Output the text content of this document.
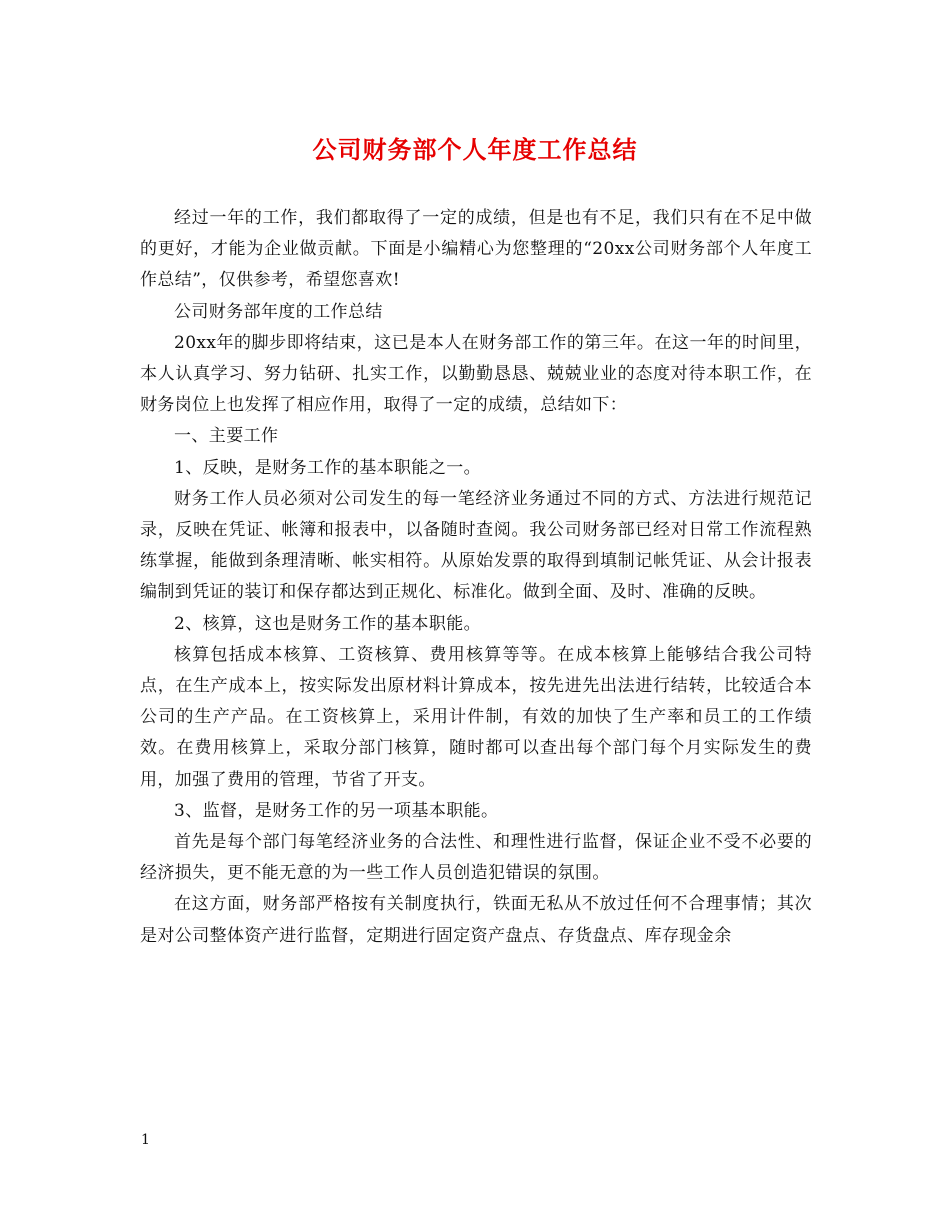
公司财务部个人年度工作总结

经过一年的工作，我们都取得了一定的成绩，但是也有不足，我们只有在不足中做的更好，才能为企业做贡献。下面是小编精心为您整理的“20xx公司财务部个人年度工作总结”，仅供参考，希望您喜欢!

公司财务部年度的工作总结

20xx年的脚步即将结束，这已是本人在财务部工作的第三年。在这一年的时间里，本人认真学习、努力钻研、扎实工作，以勤勤恳恳、兢兢业业的态度对待本职工作，在财务岗位上也发挥了相应作用，取得了一定的成绩，总结如下：

一、主要工作

1、反映，是财务工作的基本职能之一。

财务工作人员必须对公司发生的每一笔经济业务通过不同的方式、方法进行规范记录，反映在凭证、帐簿和报表中，以备随时查阅。我公司财务部已经对日常工作流程熟练掌握，能做到条理清晰、帐实相符。从原始发票的取得到填制记帐凭证、从会计报表编制到凭证的装订和保存都达到正规化、标准化。做到全面、及时、准确的反映。

2、核算，这也是财务工作的基本职能。

核算包括成本核算、工资核算、费用核算等等。在成本核算上能够结合我公司特点，在生产成本上，按实际发出原材料计算成本，按先进先出法进行结转，比较适合本公司的生产产品。在工资核算上，采用计件制，有效的加快了生产率和员工的工作绩效。在费用核算上，采取分部门核算，随时都可以查出每个部门每个月实际发生的费用，加强了费用的管理，节省了开支。

3、监督，是财务工作的另一项基本职能。

首先是每个部门每笔经济业务的合法性、和理性进行监督，保证企业不受不必要的经济损失，更不能无意的为一些工作人员创造犯错误的氛围。

在这方面，财务部严格按有关制度执行，铁面无私从不放过任何不合理事情；其次是对公司整体资产进行监督，定期进行固定资产盘点、存货盘点、库存现金余

1
